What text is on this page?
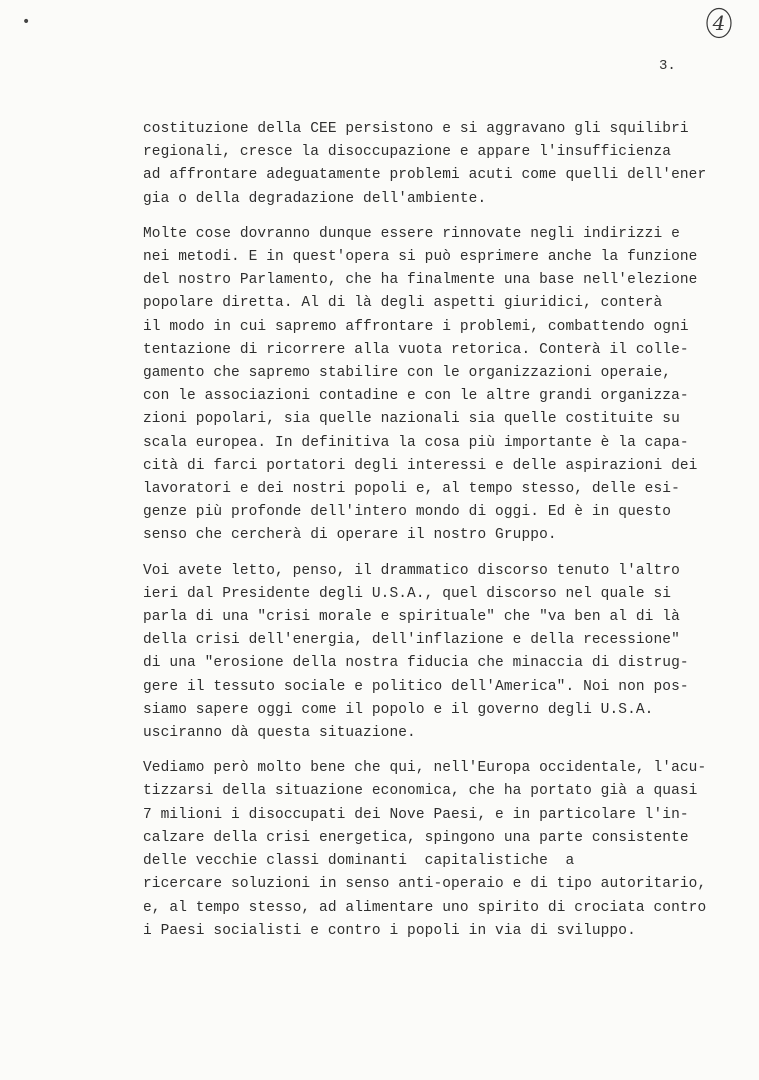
•	4
3.

costituzione della CEE persistono e si aggravano gli squilibri
regionali, cresce la disoccupazione e appare l'insufficienza
ad affrontare adeguatamente problemi acuti come quelli dell'ener
gia o della degradazione dell'ambiente.

Molte cose dovranno dunque essere rinnovate negli indirizzi e
nei metodi. E in quest'opera si può esprimere anche la funzione
del nostro Parlamento, che ha finalmente una base nell'elezione
popolare diretta. Al di là degli aspetti giuridici, conterà
il modo in cui sapremo affrontare i problemi, combattendo ogni
tentazione di ricorrere alla vuota retorica. Conterà il colle-
gamento che sapremo stabilire con le organizzazioni operaie,
con le associazioni contadine e con le altre grandi organizza-
zioni popolari, sia quelle nazionali sia quelle costituite su
scala europea. In definitiva la cosa più importante è la capa-
cità di farci portatori degli interessi e delle aspirazioni dei
lavoratori e dei nostri popoli e, al tempo stesso, delle esi-
genze più profonde dell'intero mondo di oggi. Ed è in questo
senso che cercherà di operare il nostro Gruppo.

Voi avete letto, penso, il drammatico discorso tenuto l'altro
ieri dal Presidente degli U.S.A., quel discorso nel quale si
parla di una "crisi morale e spirituale" che "va ben al di là
della crisi dell'energia, dell'inflazione e della recessione"
di una "erosione della nostra fiducia che minaccia di distrug-
gere il tessuto sociale e politico dell'America". Noi non pos-
siamo sapere oggi come il popolo e il governo degli U.S.A.
usciranno dà questa situazione.

Vediamo però molto bene che qui, nell'Europa occidentale, l'acu-
tizzarsi della situazione economica, che ha portato già a quasi
7 milioni i disoccupati dei Nove Paesi, e in particolare l'in-
calzare della crisi energetica, spingono una parte consistente
delle vecchie classi dominanti  capitalistiche  a
ricercare soluzioni in senso anti-operaio e di tipo autoritario,
e, al tempo stesso, ad alimentare uno spirito di crociata contro
i Paesi socialisti e contro i popoli in via di sviluppo.
